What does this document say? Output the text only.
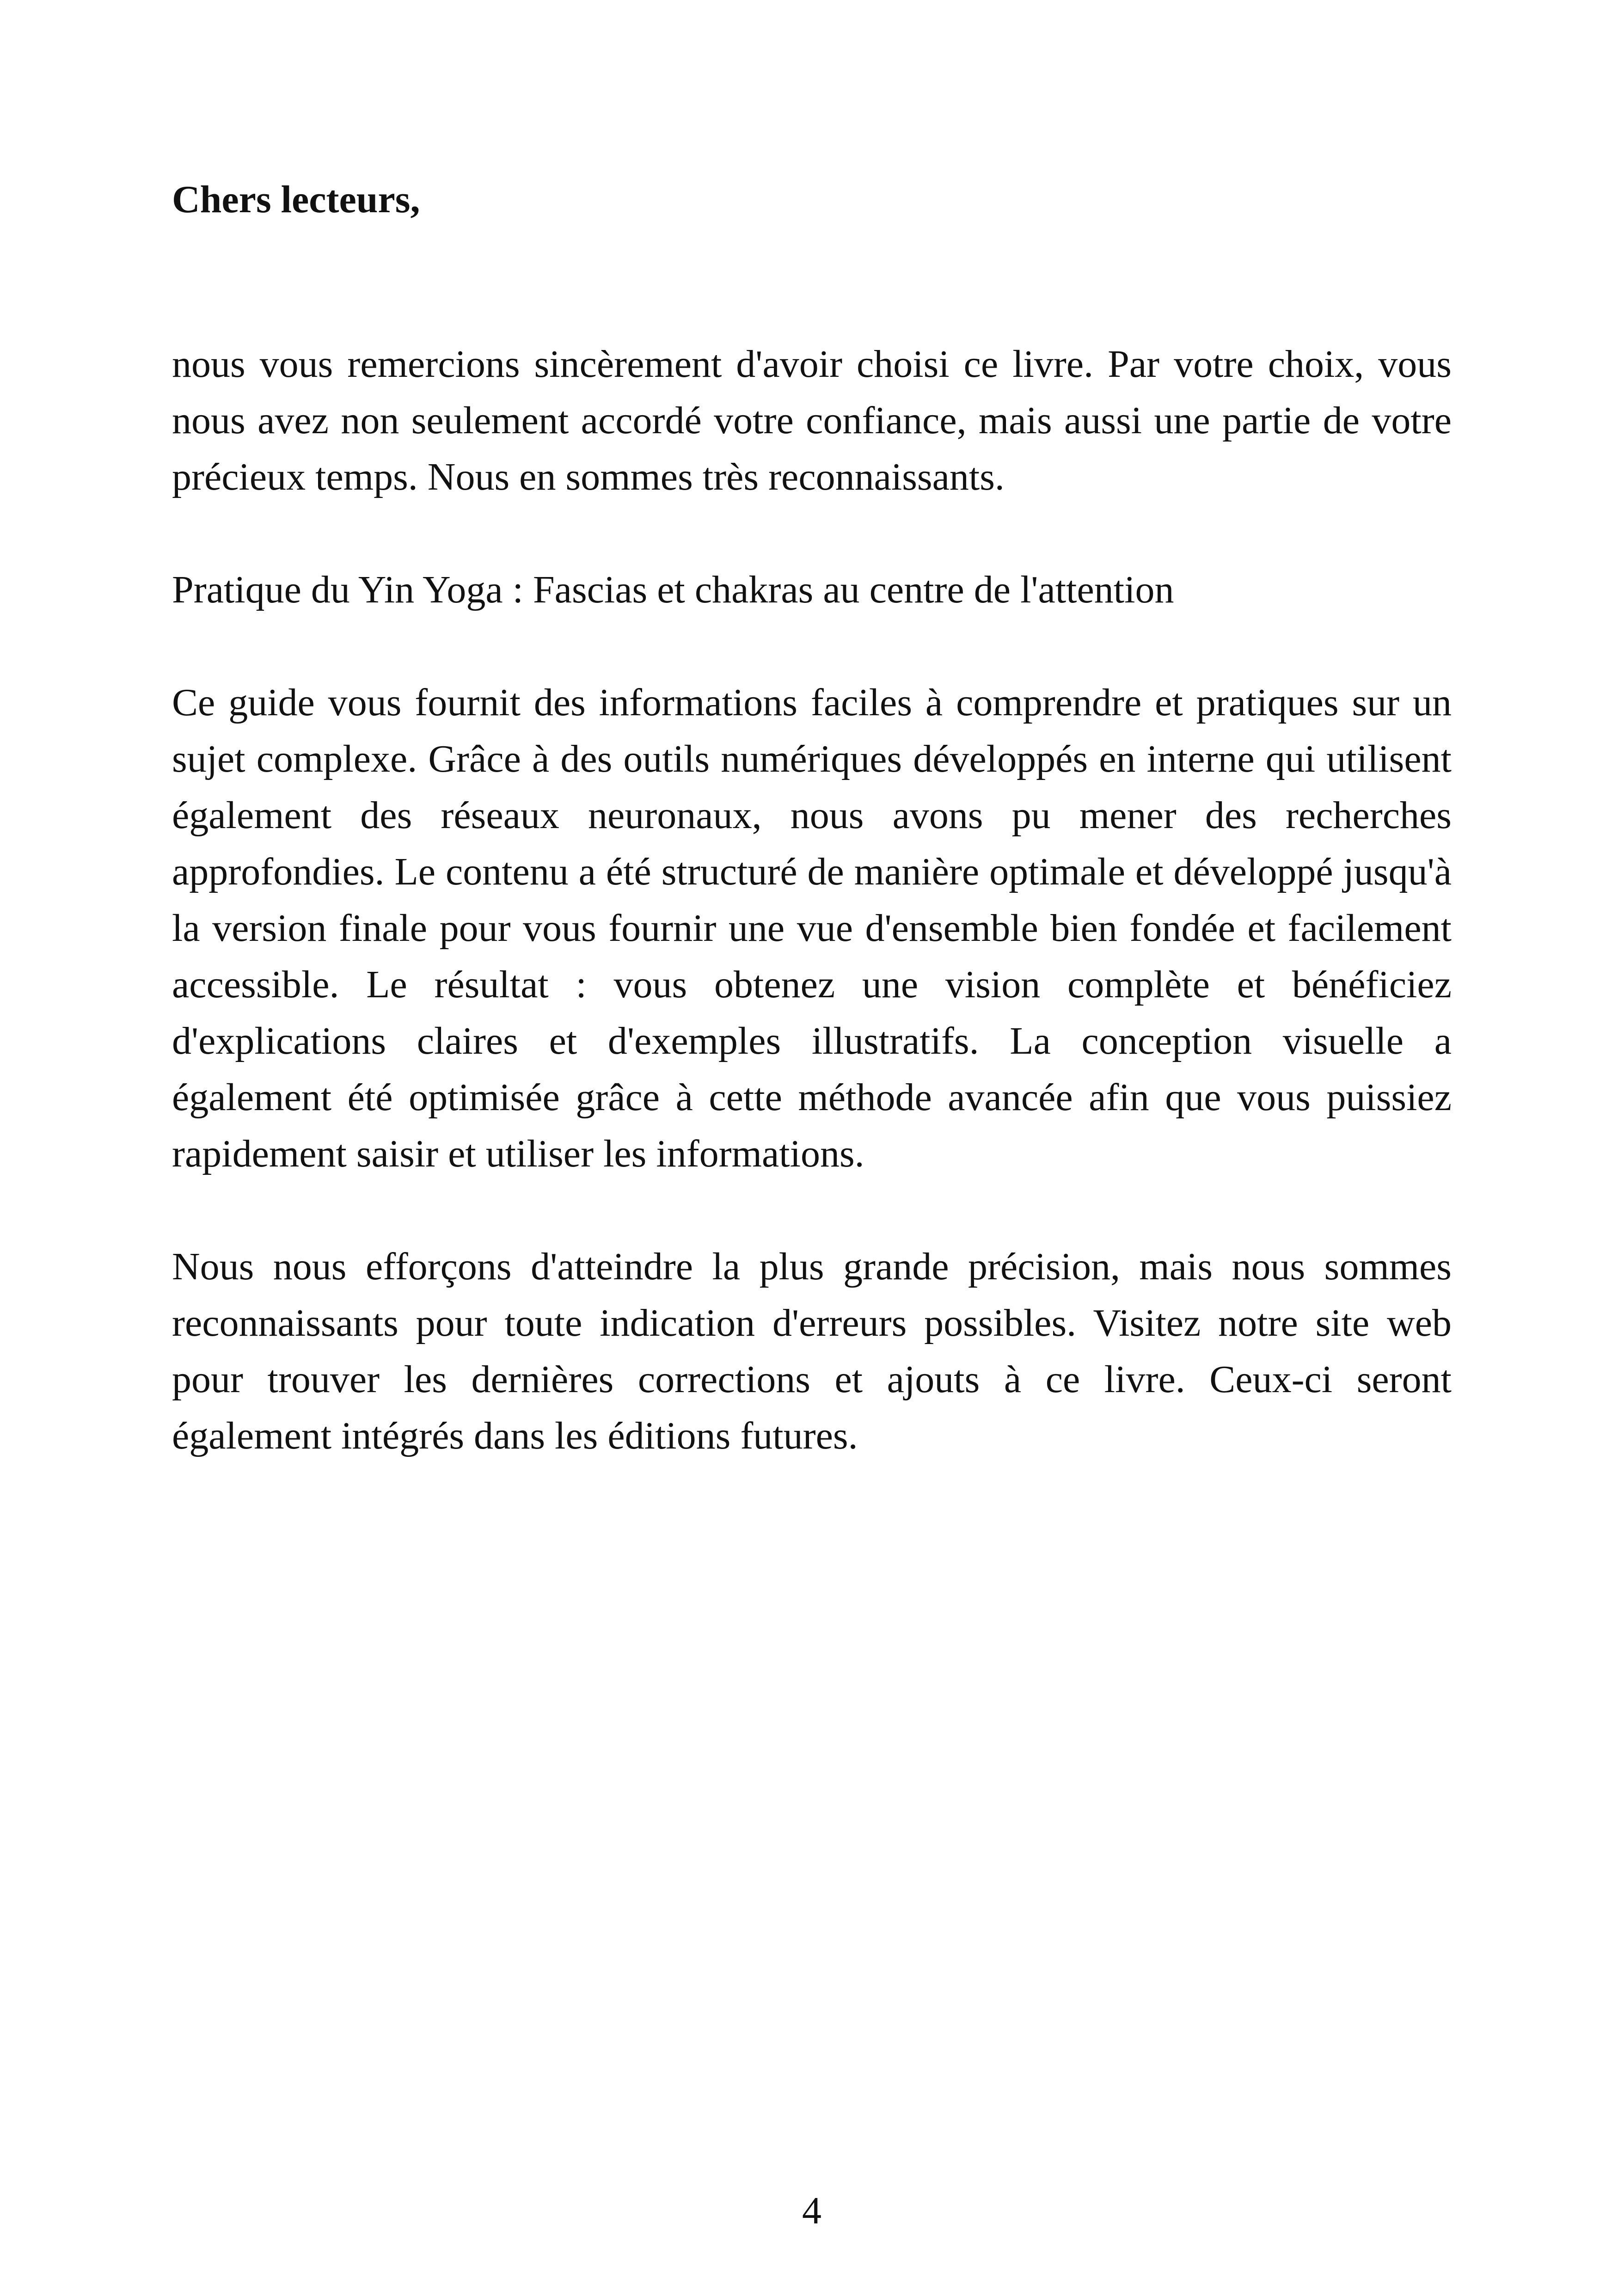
Chers lecteurs,

nous vous remercions sincèrement d'avoir choisi ce livre. Par votre choix, vous nous avez non seulement accordé votre confiance, mais aussi une partie de votre précieux temps. Nous en sommes très reconnaissants.

Pratique du Yin Yoga : Fascias et chakras au centre de l'attention

Ce guide vous fournit des informations faciles à comprendre et pratiques sur un sujet complexe. Grâce à des outils numériques développés en interne qui utilisent également des réseaux neuronaux, nous avons pu mener des recherches approfondies. Le contenu a été structuré de manière optimale et développé jusqu'à la version finale pour vous fournir une vue d'ensemble bien fondée et facilement accessible. Le résultat : vous obtenez une vision complète et bénéficiez d'explications claires et d'exemples illustratifs. La conception visuelle a également été optimisée grâce à cette méthode avancée afin que vous puissiez rapidement saisir et utiliser les informations.

Nous nous efforçons d'atteindre la plus grande précision, mais nous sommes reconnaissants pour toute indication d'erreurs possibles. Visitez notre site web pour trouver les dernières corrections et ajouts à ce livre. Ceux-ci seront également intégrés dans les éditions futures.

4
